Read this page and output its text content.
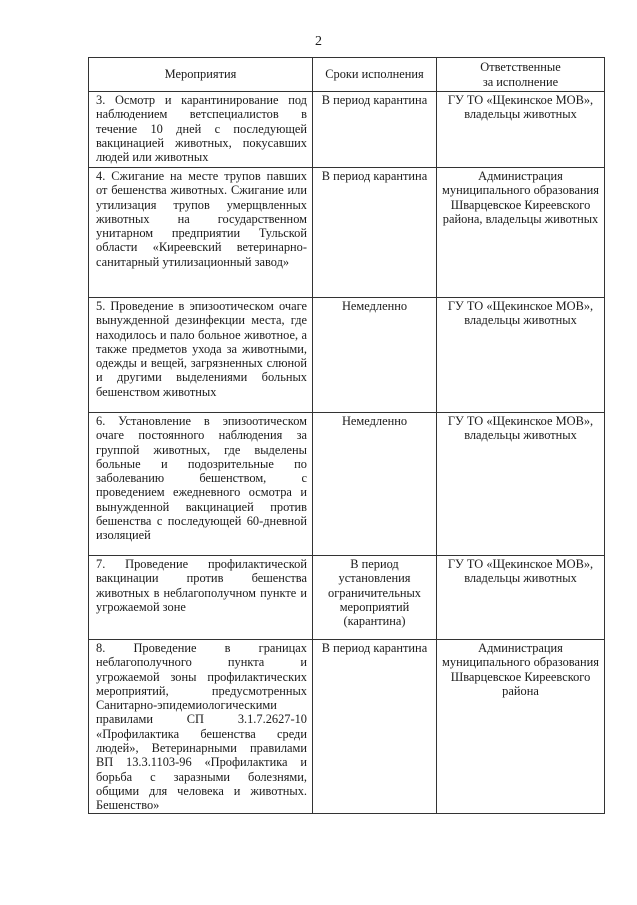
2
Мероприятия	Сроки исполнения	Ответственные
за исполнение

3. Осмотр и карантинирование под наблюдением ветспециалистов в течение 10 дней с последующей вакцинацией животных, покусавших людей или животных	В период карантина	ГУ ТО «Щекинское МОВ», владельцы животных
4. Сжигание на месте трупов павших от бешенства животных. Сжигание или утилизация трупов умерщвленных животных на государственном унитарном предприятии Тульской области «Киреевский ветеринарно-санитарный утилизационный завод»	В период карантина	Администрация муниципального образования Шварцевское Киреевского района, владельцы животных
5. Проведение в эпизоотическом очаге вынужденной дезинфекции места, где находилось и пало больное животное, а также предметов ухода за животными, одежды и вещей, загрязненных слюной и другими выделениями больных бешенством животных	Немедленно	ГУ ТО «Щекинское МОВ», владельцы животных
6. Установление в эпизоотическом очаге постоянного наблюдения за группой животных, где выделены больные и подозрительные по заболеванию бешенством, с проведением ежедневного осмотра и вынужденной вакцинацией против бешенства с последующей 60-дневной изоляцией	Немедленно	ГУ ТО «Щекинское МОВ», владельцы животных
7. Проведение профилактической вакцинации против бешенства животных в неблагополучном пункте и угрожаемой зоне	В период установления ограничительных мероприятий (карантина)	ГУ ТО «Щекинское МОВ», владельцы животных
8. Проведение в границах неблагополучного пункта и угрожаемой зоны профилактических мероприятий, предусмотренных Санитарно-эпидемиологическими правилами СП 3.1.7.2627-10 «Профилактика бешенства среди людей», Ветеринарными правилами ВП 13.3.1103-96 «Профилактика и борьба с заразными болезнями, общими для человека и животных. Бешенство»	В период карантина	Администрация муниципального образования Шварцевское Киреевского района
